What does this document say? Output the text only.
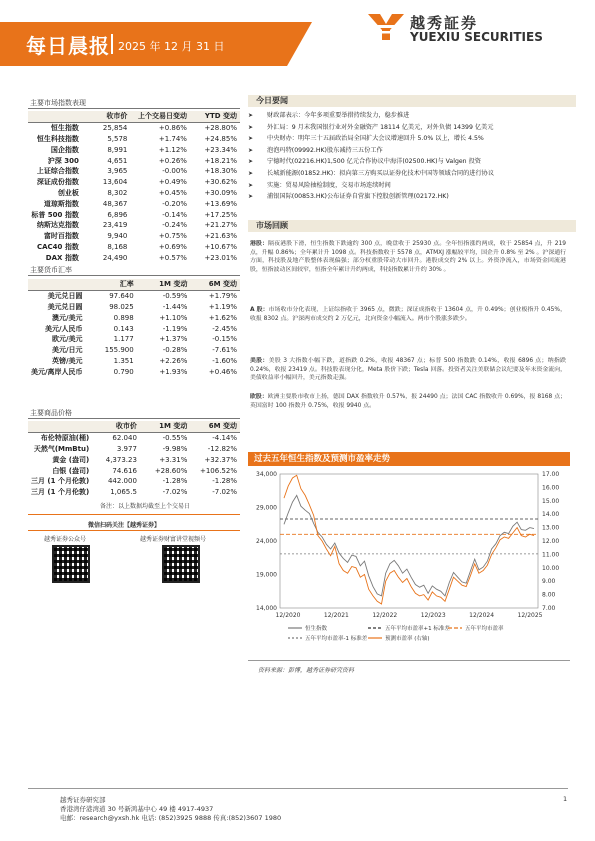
每日晨报 2025 年 12 月 31 日
越秀証券
YUEXIU SECURITIES
主要市场指数表现
	收市价	上个交易日变动	YTD 变动
恒生指数	25,854	+0.86%	+28.80%
恒生科技指数	5,578	+1.74%	+24.85%
国企指数	8,991	+1.12%	+23.34%
沪深 300	4,651	+0.26%	+18.21%
上证综合指数	3,965	-0.00%	+18.30%
深证成份指数	13,604	+0.49%	+30.62%
创业板	8,302	+0.45%	+30.09%
道琼斯指数	48,367	-0.20%	+13.69%
标普 500 指数	6,896	-0.14%	+17.25%
纳斯达克指数	23,419	-0.24%	+21.27%
富时百指数	9,940	+0.75%	+21.63%
CAC40 指数	8,168	+0.69%	+10.67%
DAX 指数	24,490	+0.57%	+23.01%
主要货币汇率
	汇率	1M 变动	6M 变动
美元兑日圆	97.640	-0.59%	+1.79%
美元兑日圆	98.025	-1.44%	+1.19%
澳元/美元	0.898	+1.10%	+1.62%
美元/人民币	0.143	-1.19%	-2.45%
欧元/美元	1.177	+1.37%	-0.15%
美元/日元	155.900	-0.28%	-7.61%
英镑/美元	1.351	+2.26%	-1.60%
美元/离岸人民币	0.790	+1.93%	+0.46%
主要商品价格
	收市价	1M 变动	6M 变动
布伦特原油(桶)	62.040	-0.55%	-4.14%
天然气(MmBtu)	3.977	-9.98%	-12.82%
黄金 (盎司)	4,373.23	+3.31%	+32.37%
白银 (盎司)	74.616	+28.60%	+106.52%
三月 (1 个月伦敦)	442.000	-1.28%	-1.28%
三月 (1 个月伦敦)	1,065.5	-7.02%	-7.02%
备注：以上数据均截至上个交易日
微信扫码关注【越秀证券】
越秀证券公众号	越秀证券财富讲堂视频号
今日要闻
➤ 财政部表示：今年多项重要举措持续发力，稳步推进
➤ 外汇局：9 月末我国银行业对外金融资产 18114 亿美元，对外负债 14399 亿美元
➤ 中央财办：明年三十五届政治局全国扩大会议增速回升 5.0% 以上，增长 4.5%
➤ 泡泡玛特(09992.HK)股东减持三五份工作
➤ 宁德时代(02216.HK)1,500 亿元合作协议中海洋(02500.HK)与 Valgen 投资
➤ 长城新能源(01852.HK)：拟向第三方购买以证券化技术中国等领域合同的进行协议
➤ 实施：贸易风险抽检制度，交易市场连续时间
➤ 浦银国际(00853.HK)公布证券自营旗下控股创新管理(02172.HK)
市场回顾
港股：隔夜港股下滑，恒生指数下跌逾约 300 点，晚盘收于 25930 点。全年恒指涨约两成，收于 25854 点，升 219 点，升幅 0.86%；全年累计升 1098 点。科技指数收于 5578 点，ATMXJ 涨幅较平均，国企升 0.8% 至 2% 。沪深通行方面，科技股及地产股整体表现偏强；部分权重股带动大市回升。港股成交约 2% 以上。外资净流入，市场资金回流港股，恒指波动区间较窄，恒指全年累计升约两成，科技指数累计升约 30% 。
A 股：市场收市分化表现，上证综指收于 3965 点，微跌；深证成指收于 13604 点，升 0.49%；创业板指升 0.45%，收报 8302 点。沪深两市成交约 2 万亿元，北向资金小幅流入。两市个股涨多跌少。
美股：美股 3 大指数小幅下跌，道指跌 0.2%，收报 48367 点；标普 500 指数跌 0.14%，收报 6896 点；纳指跌 0.24%，收报 23419 点。科技股表现分化，Meta 股价下跌；Tesla 回落。投资者关注美联储会议纪要及年末资金流向，美债收益率小幅回升，美元指数走强。
欧股：欧洲主要股市收市上扬，德国 DAX 指数收升 0.57%，报 24490 点；法国 CAC 指数收升 0.69%，报 8168 点；英国富时 100 指数升 0.75%，收报 9940 点。
过去五年恒生指数及预测市盈率走势
34,000
29,000
24,000
19,000
14,000
17.00
16.00
15.00
14.00
13.00
12.00
11.00
10.00
9.00
8.00
7.00
12/2020	12/2021	12/2022	12/2023	12/2024	12/2025
恒生指数	五年平均市盈率+1 标准差	五年平均市盈率
五年平均市盈率-1 标准差	预测市盈率 (右轴)
资料来源：彭博，越秀证券研究资料
越秀证券研究部
香港湾仔港湾道 30 号新鸿基中心 49 楼 4917-4937
电邮：research@yxsh.hk 电话: (852)3925 9888 传真:(852)3607 1980
1
